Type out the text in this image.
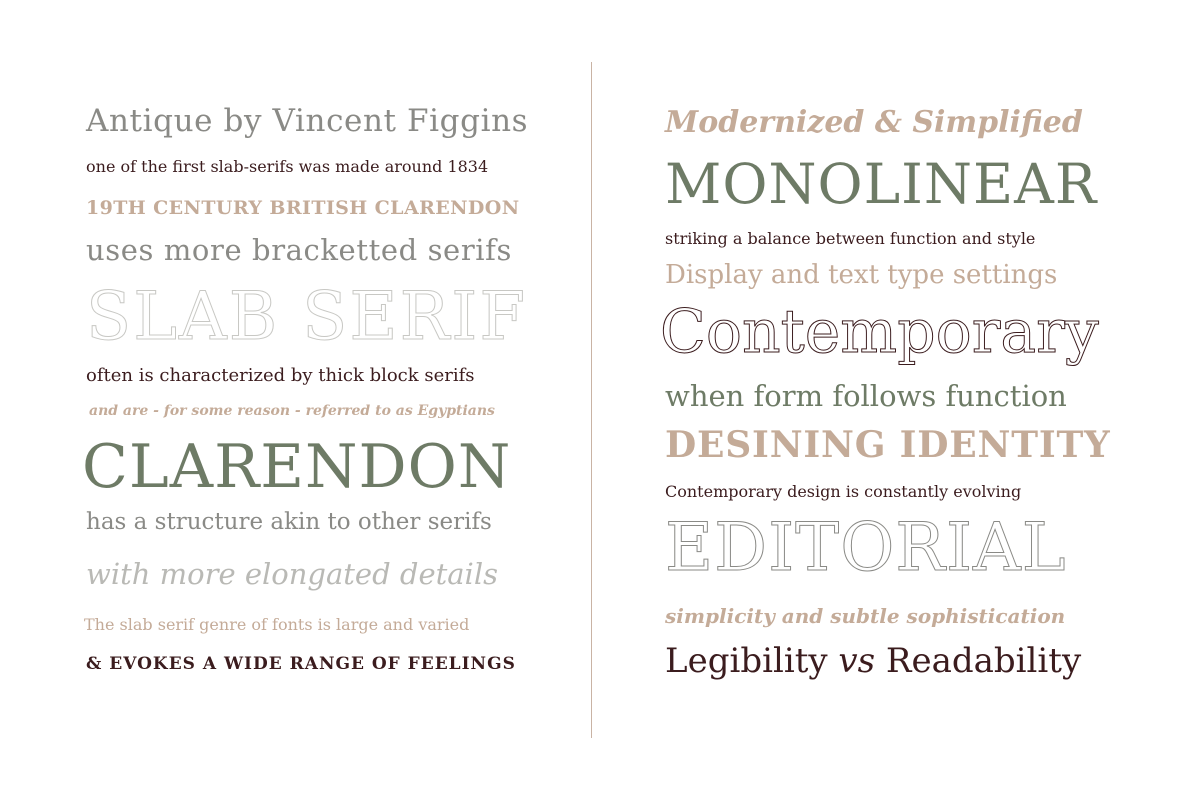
Antique by Vincent Figgins
one of the first slab-serifs was made around 1834
19TH CENTURY BRITISH CLARENDON
uses more bracketted serifs
SLAB SERIF
often is characterized by thick block serifs
and are - for some reason - referred to as Egyptians
CLARENDON
has a structure akin to other serifs
with more elongated details
The slab serif genre of fonts is large and varied
& EVOKES A WIDE RANGE OF FEELINGS
Modernized & Simplified
MONOLINEAR
striking a balance between function and style
Display and text type settings
Contemporary
when form follows function
DESINING IDENTITY
Contemporary design is constantly evolving
EDITORIAL
simplicity and subtle sophistication
Legibility vs Readability
